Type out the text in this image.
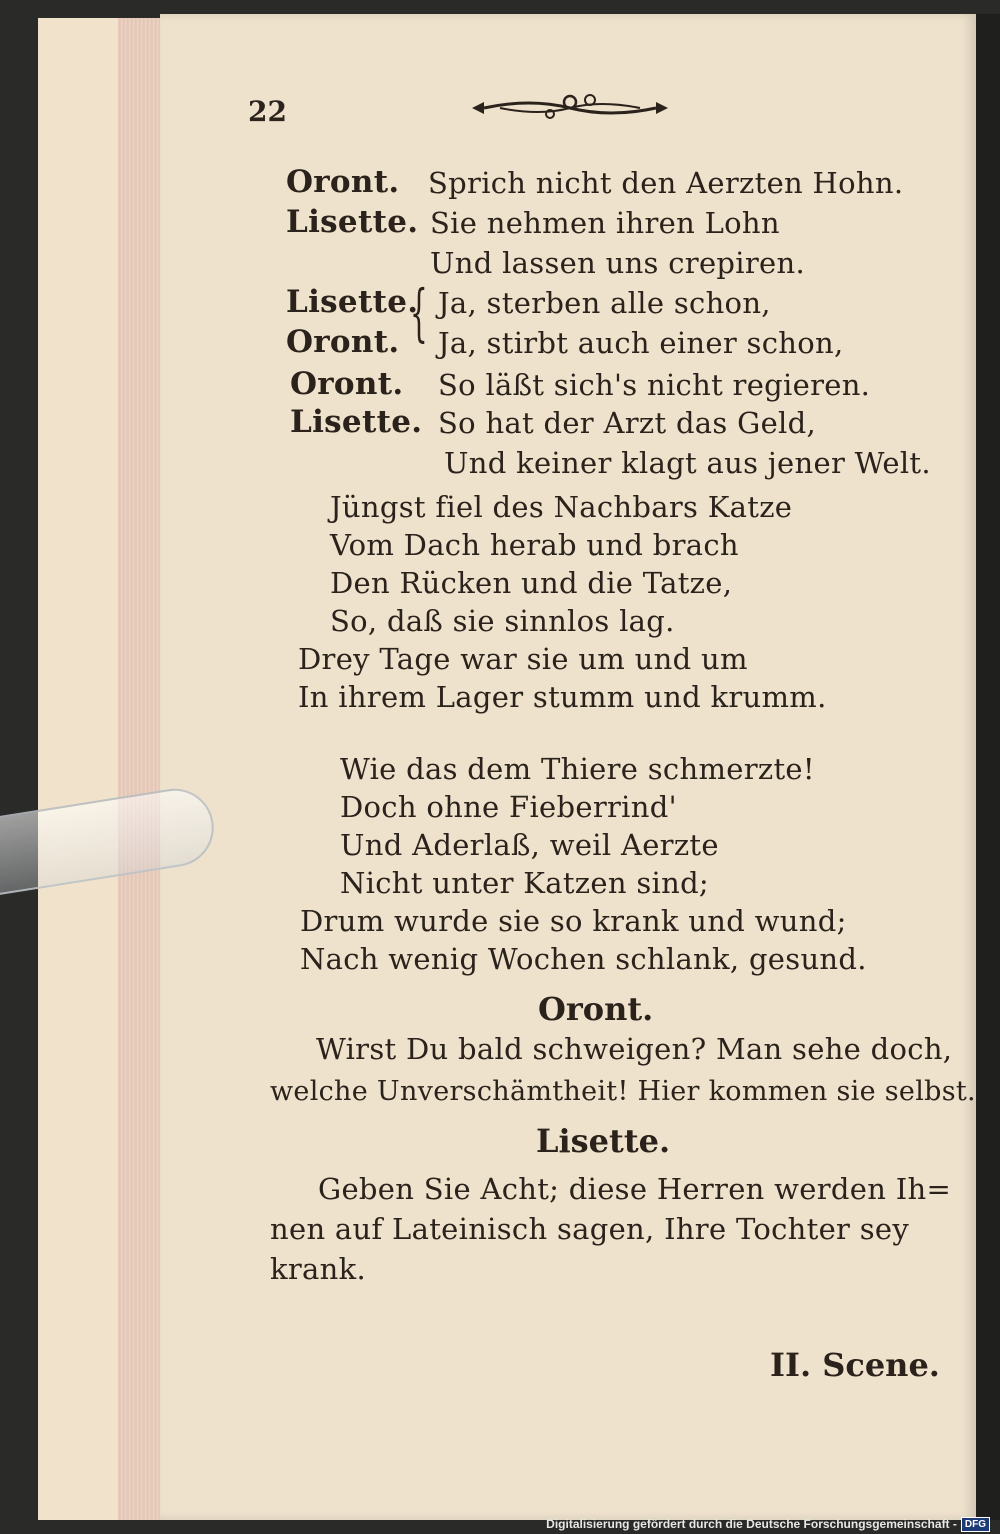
22
Oront. Sprich nicht den Aerzten Hohn.
Lisette. Sie nehmen ihren Lohn
Und lassen uns crepiren.
Lisette.
{ Ja, sterben alle schon,
Oront. Ja, stirbt auch einer schon,
Oront. So läßt sich's nicht regieren.
Lisette. So hat der Arzt das Geld,
Und keiner klagt aus jener Welt.
Jüngst fiel des Nachbars Katze
Vom Dach herab und brach
Den Rücken und die Tatze,
So, daß sie sinnlos lag.
Drey Tage war sie um und um
In ihrem Lager stumm und krumm.
Wie das dem Thiere schmerzte!
Doch ohne Fieberrind'
Und Aderlaß, weil Aerzte
Nicht unter Katzen sind;
Drum wurde sie so krank und wund;
Nach wenig Wochen schlank, gesund.
Oront.
Wirst Du bald schweigen? Man sehe doch,
welche Unverschämtheit! Hier kommen sie selbst.
Lisette.
Geben Sie Acht; diese Herren werden Ih=
nen auf Lateinisch sagen, Ihre Tochter sey
krank.
II. Scene.
Digitalisierung gefördert durch die Deutsche Forschungsgemeinschaft - DFG
